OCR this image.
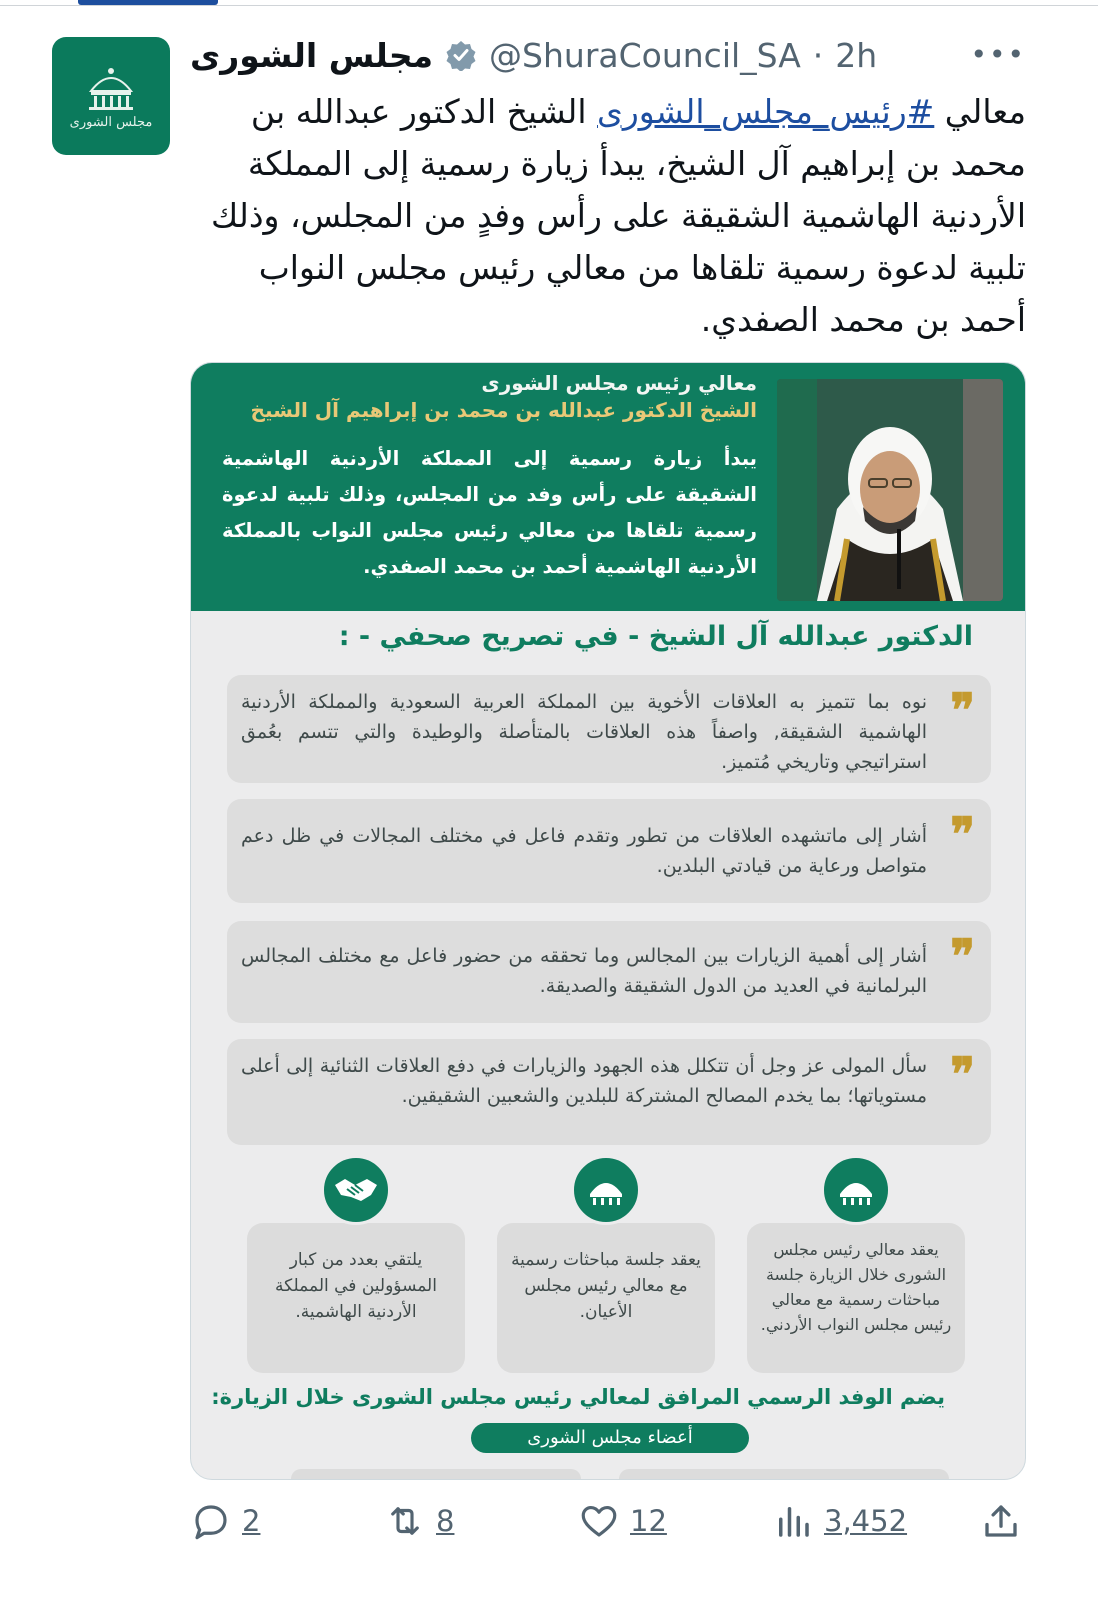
مجلس الشورى
مجلس الشورى @ShuraCouncil_SA · 2h	•••
معالي #رئيس_مجلس_الشورى الشيخ الدكتور عبدالله بن محمد بن إبراهيم آل الشيخ، يبدأ زيارة رسمية إلى المملكة الأردنية الهاشمية الشقيقة على رأس وفدٍ من المجلس، وذلك تلبية لدعوة رسمية تلقاها من معالي رئيس مجلس النواب أحمد بن محمد الصفدي.
معالي رئيس مجلس الشورى
الشيخ الدكتور عبدالله بن محمد بن إبراهيم آل الشيخ
يبدأ زيارة رسمية إلى المملكة الأردنية الهاشمية الشقيقة على رأس وفد من المجلس، وذلك تلبية لدعوة رسمية تلقاها من معالي رئيس مجلس النواب بالمملكة الأردنية الهاشمية أحمد بن محمد الصفدي.
الدكتور عبدالله آل الشيخ - في تصريح صحفي - :
❞
نوه بما تتميز به العلاقات الأخوية بين المملكة العربية السعودية والمملكة الأردنية الهاشمية الشقيقة, واصفاً هذه العلاقات بالمتأصلة والوطيدة والتي تتسم بعُمق استراتيجي وتاريخي مُتميز.
❞
أشار إلى ماتشهده العلاقات من تطور وتقدم فاعل في مختلف المجالات في ظل دعم متواصل ورعاية من قيادتي البلدين.
❞
أشار إلى أهمية الزيارات بين المجالس وما تحققه من حضور فاعل مع مختلف المجالس البرلمانية في العديد من الدول الشقيقة والصديقة.
❞
سأل المولى عز وجل أن تتكلل هذه الجهود والزيارات في دفع العلاقات الثنائية إلى أعلى مستوياتها؛ بما يخدم المصالح المشتركة للبلدين والشعبين الشقيقين.
يعقد معالي رئيس مجلس الشورى خلال الزيارة جلسة مباحثات رسمية مع معالي رئيس مجلس النواب الأردني.
يعقد جلسة مباحثات رسمية مع معالي رئيس مجلس الأعيان.
يلتقي بعدد من كبار المسؤولين في المملكة الأردنية الهاشمية.
يضم الوفد الرسمي المرافق لمعالي رئيس مجلس الشورى خلال الزيارة:
أعضاء مجلس الشورى
2	8	12	3,452
